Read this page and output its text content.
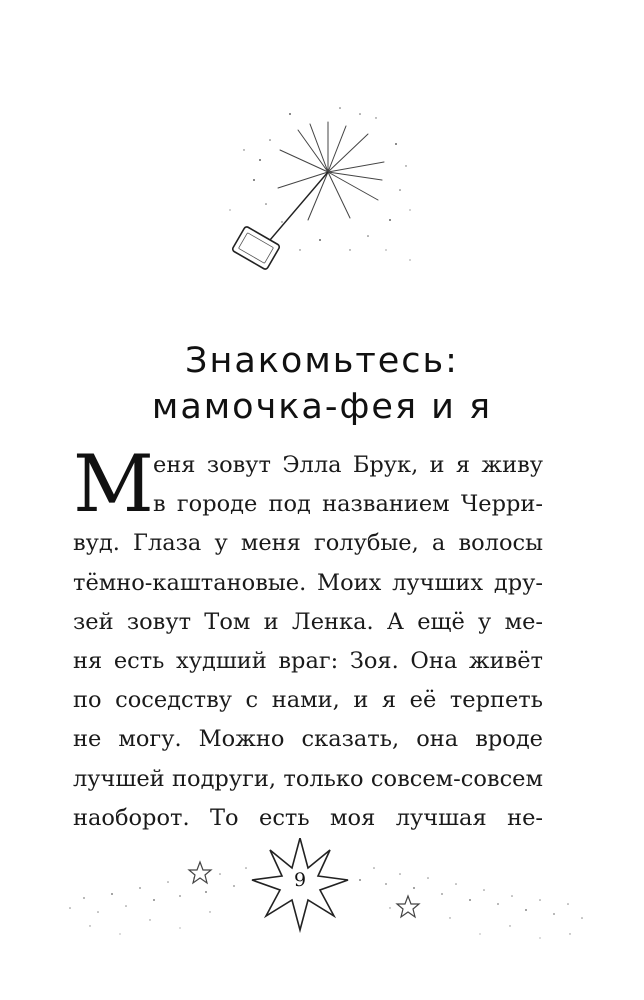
Знакомьтесь:
мамочка-фея и я
М еня зовут Элла Брук, и я живу
в городе под названием Черри-
вуд. Глаза у меня голубые, а волосы
тёмно-каштановые. Моих лучших дру-
зей зовут Том и Ленка. А ещё у ме-
ня есть худший враг: Зоя. Она живёт
по соседству с нами, и я её терпеть
не могу. Можно сказать, она вроде
лучшей подруги, только совсем-совсем
наоборот. То есть моя лучшая не-
9
